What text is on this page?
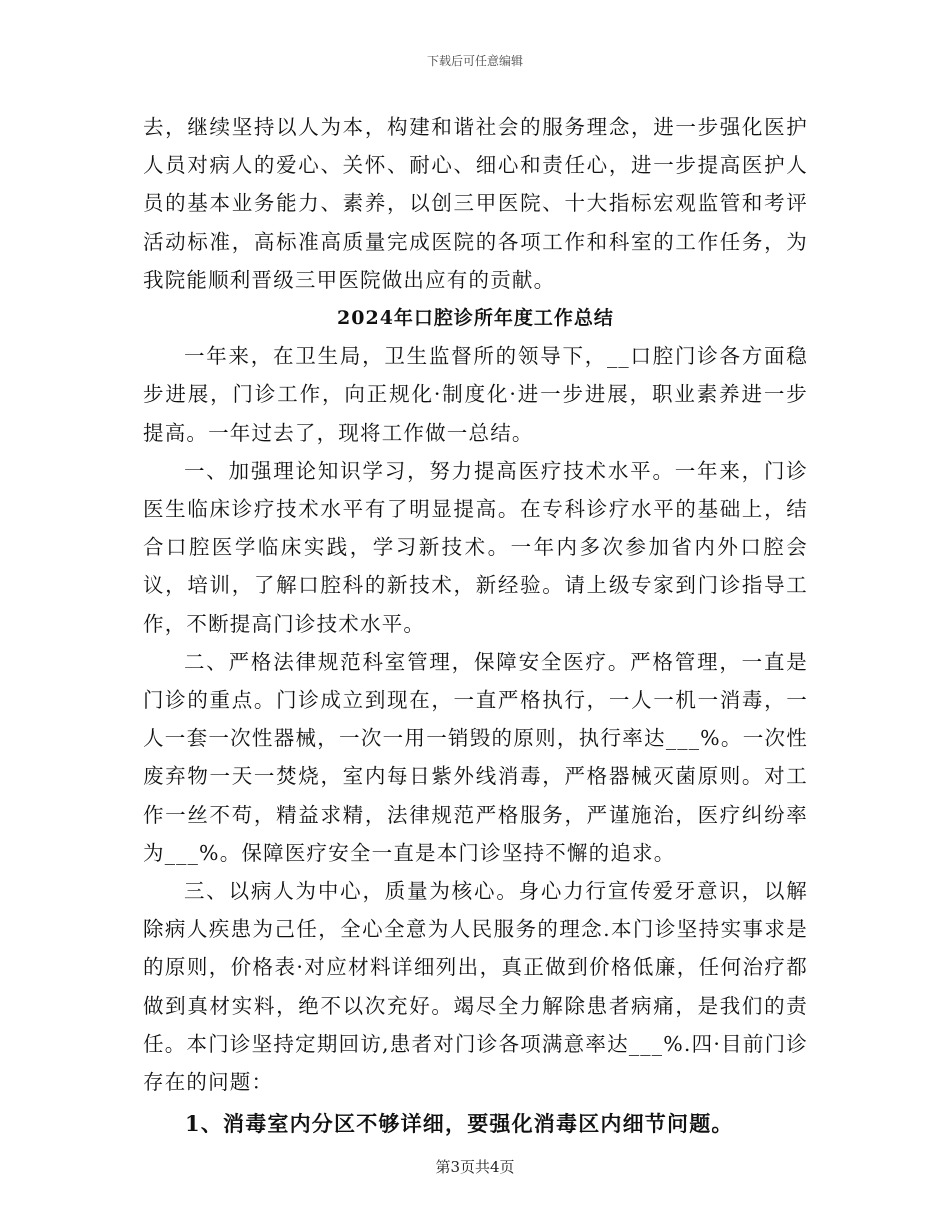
下载后可任意编辑

去，继续坚持以人为本，构建和谐社会的服务理念，进一步强化医护人员对病人的爱心、关怀、耐心、细心和责任心，进一步提高医护人员的基本业务能力、素养，以创三甲医院、十大指标宏观监管和考评活动标准，高标准高质量完成医院的各项工作和科室的工作任务，为我院能顺利晋级三甲医院做出应有的贡献。

2024年口腔诊所年度工作总结

一年来，在卫生局，卫生监督所的领导下，__口腔门诊各方面稳步进展，门诊工作，向正规化·制度化·进一步进展，职业素养进一步提高。一年过去了，现将工作做一总结。

一、加强理论知识学习，努力提高医疗技术水平。一年来，门诊医生临床诊疗技术水平有了明显提高。在专科诊疗水平的基础上，结合口腔医学临床实践，学习新技术。一年内多次参加省内外口腔会议，培训，了解口腔科的新技术，新经验。请上级专家到门诊指导工作，不断提高门诊技术水平。

二、严格法律规范科室管理，保障安全医疗。严格管理，一直是门诊的重点。门诊成立到现在，一直严格执行，一人一机一消毒，一人一套一次性器械，一次一用一销毁的原则，执行率达___%。一次性废弃物一天一焚烧，室内每日紫外线消毒，严格器械灭菌原则。对工作一丝不苟，精益求精，法律规范严格服务，严谨施治，医疗纠纷率为___%。保障医疗安全一直是本门诊坚持不懈的追求。

三、以病人为中心，质量为核心。身心力行宣传爱牙意识，以解除病人疾患为己任，全心全意为人民服务的理念.本门诊坚持实事求是的原则，价格表·对应材料详细列出，真正做到价格低廉，任何治疗都做到真材实料，绝不以次充好。竭尽全力解除患者病痛，是我们的责任。本门诊坚持定期回访,患者对门诊各项满意率达___%.四·目前门诊存在的问题：

1、消毒室内分区不够详细，要强化消毒区内细节问题。

第3页共4页
